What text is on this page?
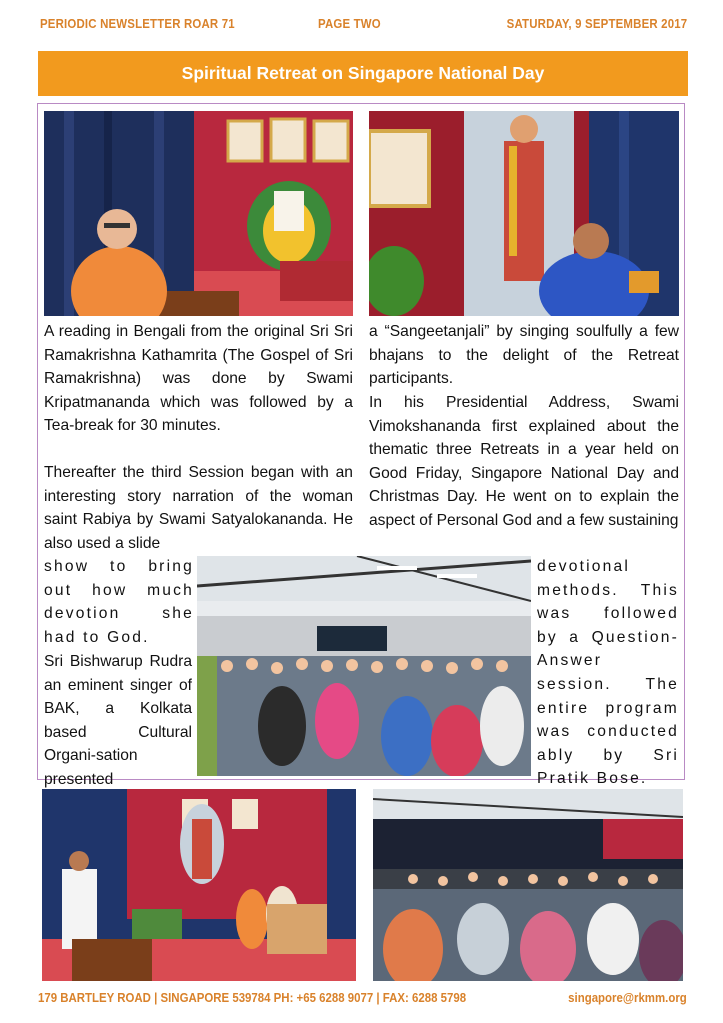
PERIODIC NEWSLETTER ROAR 71	PAGE TWO	SATURDAY, 9 SEPTEMBER 2017
Spiritual Retreat on Singapore National Day

A reading in Bengali from the original Sri Sri Ramakrishna Kathamrita (The Gospel of Sri Ramakrishna) was done by Swami Kripatmananda which was followed by a Tea-break for 30 minutes.

Thereafter the third Session began with an interesting story narration of the woman saint Rabiya by Swami Satyalokananda. He also used a slide

show to bring out how much devotion she had to God.

Sri Bishwarup Rudra an eminent singer of BAK, a Kolkata based Cultural Organi-sation presented

a “Sangeetanjali” by singing soulfully a few bhajans to the delight of the Retreat participants.

In his Presidential Address, Swami Vimokshananda first explained about the thematic three Retreats in a year held on Good Friday, Singapore National Day and Christmas Day. He went on to explain the aspect of Personal God and a few sustaining

devotional methods. This was followed by a Question-Answer session. The entire program was conducted ably by Sri Pratik Bose.

179 BARTLEY ROAD | SINGAPORE 539784 PH: +65 6288 9077 | FAX: 6288 5798	singapore@rkmm.org
